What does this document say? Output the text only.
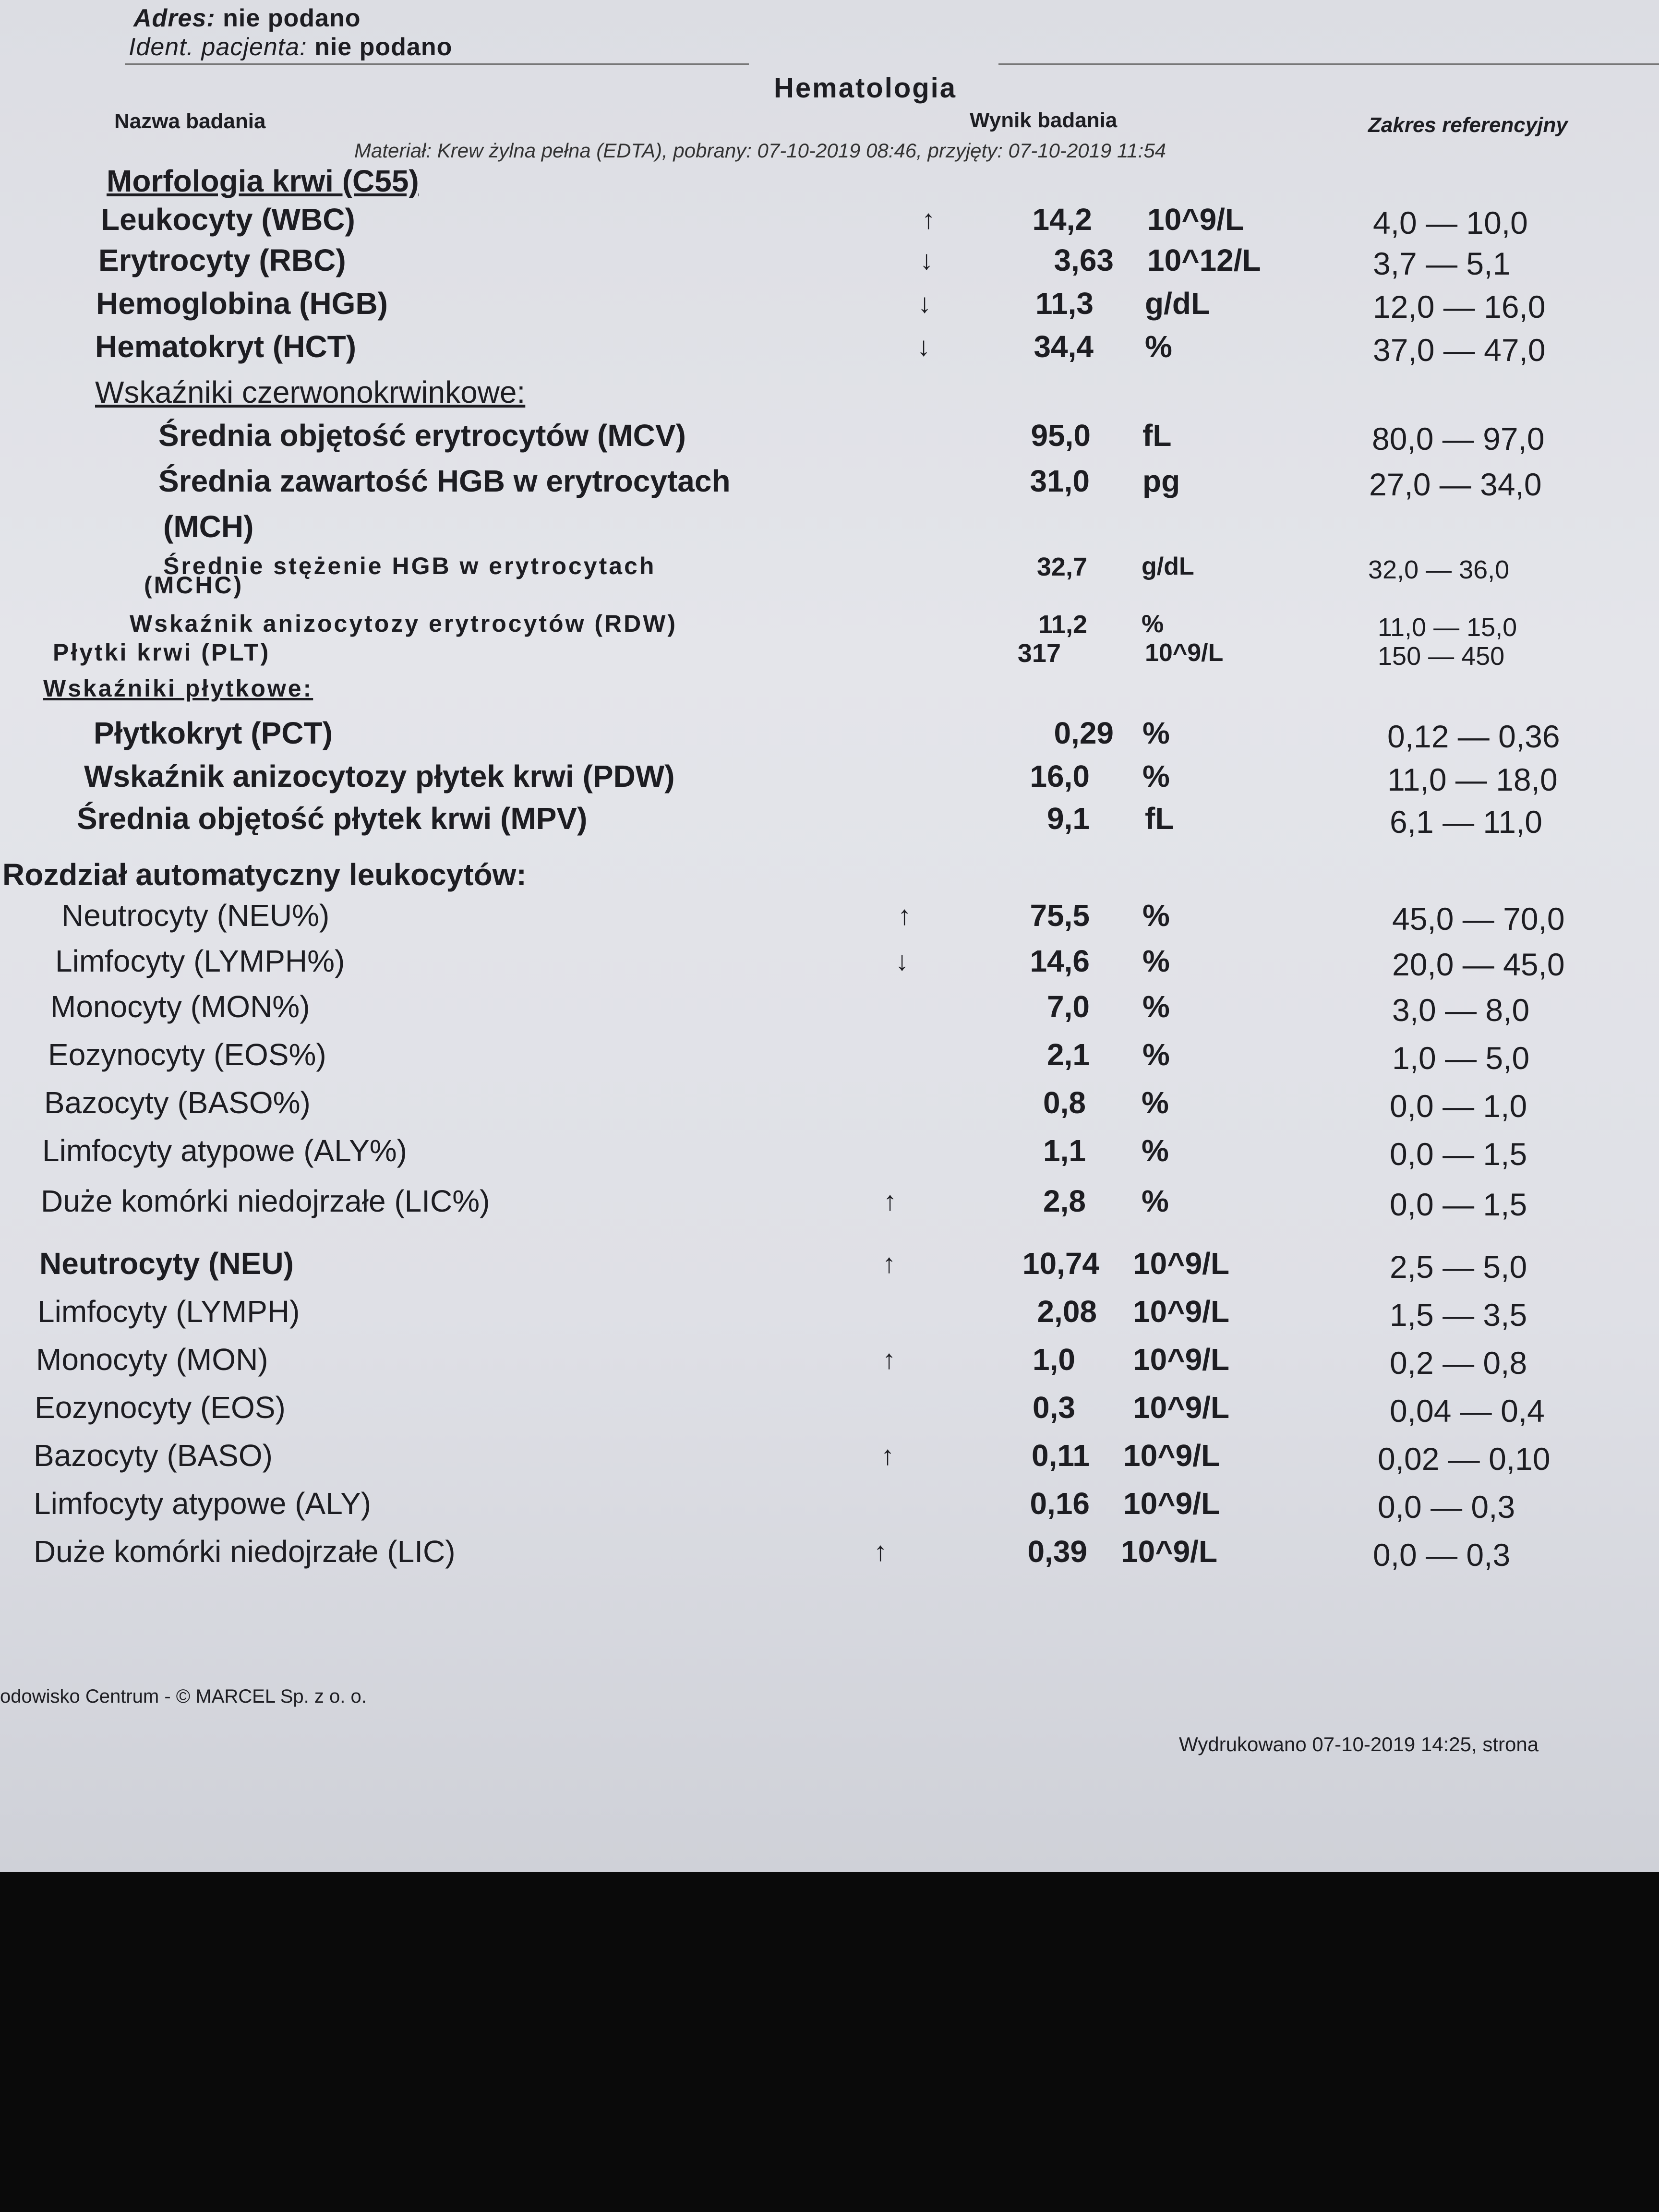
Adres: nie podano
Ident. pacjenta: nie podano
Hematologia
Nazwa badania	Wynik badania	Zakres referencyjny
Materiał: Krew żylna pełna (EDTA), pobrany: 07-10-2019 08:46, przyjęty: 07-10-2019 11:54
Morfologia krwi (C55)
Leukocyty (WBC)	↑	14,2 10^9/L	4,0 — 10,0
Erytrocyty (RBC)	↓	3,63 10^12/L	3,7 — 5,1
Hemoglobina (HGB)	↓	11,3 g/dL	12,0 — 16,0
Hematokryt (HCT)	↓	34,4 %	37,0 — 47,0
Wskaźniki czerwonokrwinkowe:
Średnia objętość erytrocytów (MCV)	95,0 fL	80,0 — 97,0
Średnia zawartość HGB w erytrocytach	31,0 pg	27,0 — 34,0
(MCH)
Średnie stężenie HGB w erytrocytach	32,7 g/dL	32,0 — 36,0
(MCHC)
Wskaźnik anizocytozy erytrocytów (RDW)	11,2 %	11,0 — 15,0
Płytki krwi (PLT)	317	10^9/L	150 — 450
Wskaźniki płytkowe:
Płytkokryt (PCT)	0,29 %	0,12 — 0,36
Wskaźnik anizocytozy płytek krwi (PDW)	16,0 %	11,0 — 18,0
Średnia objętość płytek krwi (MPV)	9,1 fL	6,1 — 11,0
Rozdział automatyczny leukocytów:
Neutrocyty (NEU%)	↑	75,5 %	45,0 — 70,0
Limfocyty (LYMPH%)	↓	14,6 %	20,0 — 45,0
Monocyty (MON%)	7,0 %	3,0 — 8,0
Eozynocyty (EOS%)	2,1 %	1,0 — 5,0
Bazocyty (BASO%)	0,8 %	0,0 — 1,0
Limfocyty atypowe (ALY%)	1,1 %	0,0 — 1,5
Duże komórki niedojrzałe (LIC%)	↑	2,8 %	0,0 — 1,5
Neutrocyty (NEU)	↑	10,74 10^9/L	2,5 — 5,0
Limfocyty (LYMPH)	2,08 10^9/L	1,5 — 3,5
Monocyty (MON)	↑	1,0 10^9/L	0,2 — 0,8
Eozynocyty (EOS)	0,3 10^9/L	0,04 — 0,4
Bazocyty (BASO)	↑	0,11 10^9/L	0,02 — 0,10
Limfocyty atypowe (ALY)	0,16 10^9/L	0,0 — 0,3
Duże komórki niedojrzałe (LIC)	↑	0,39 10^9/L	0,0 — 0,3
odowisko Centrum - © MARCEL Sp. z o. o.
Wydrukowano 07-10-2019 14:25, strona
